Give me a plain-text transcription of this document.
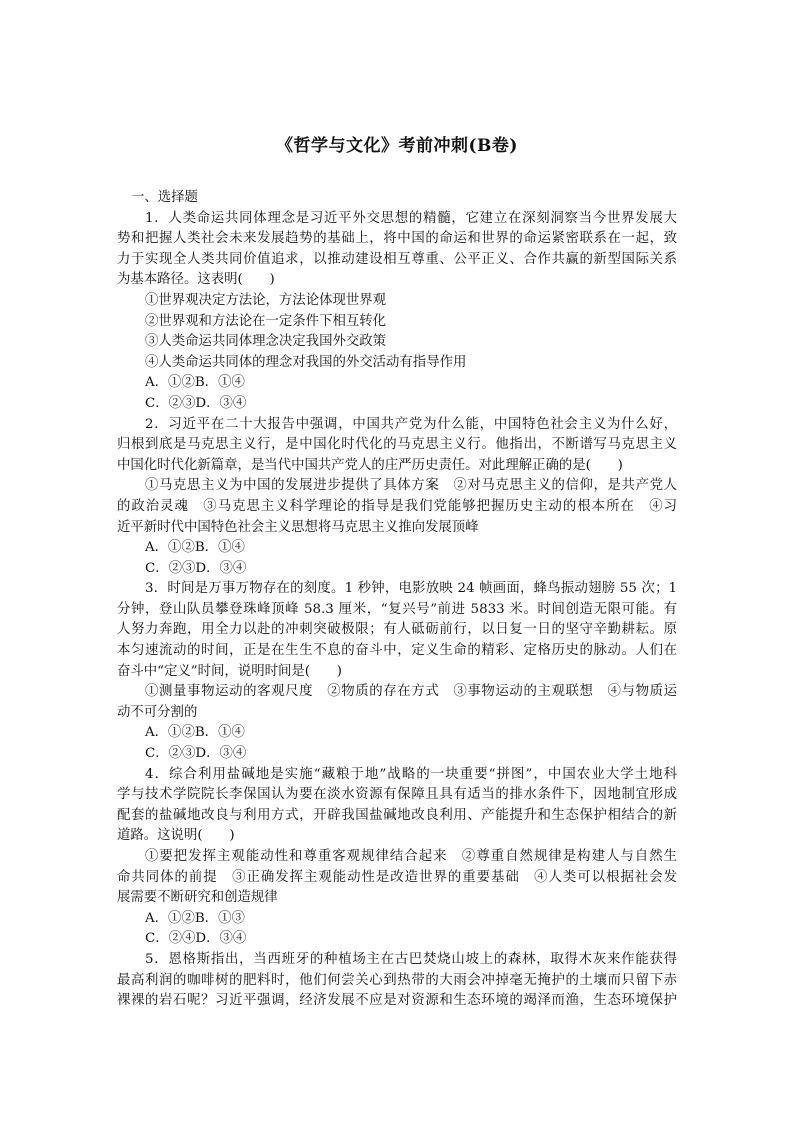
《哲学与文化》考前冲刺(B卷)
一、选择题
1．人类命运共同体理念是习近平外交思想的精髓，它建立在深刻洞察当今世界发展大
势和把握人类社会未来发展趋势的基础上，将中国的命运和世界的命运紧密联系在一起，致
力于实现全人类共同价值追求，以推动建设相互尊重、公平正义、合作共赢的新型国际关系
为基本路径。这表明(　　)
①世界观决定方法论，方法论体现世界观
②世界观和方法论在一定条件下相互转化
③人类命运共同体理念决定我国外交政策
④人类命运共同体的理念对我国的外交活动有指导作用
A．①②B．①④
C．②③D．③④
2．习近平在二十大报告中强调，中国共产党为什么能，中国特色社会主义为什么好，
归根到底是马克思主义行，是中国化时代化的马克思主义行。他指出，不断谱写马克思主义
中国化时代化新篇章，是当代中国共产党人的庄严历史责任。对此理解正确的是(　　)
①马克思主义为中国的发展进步提供了具体方案　②对马克思主义的信仰，是共产党人
的政治灵魂　③马克思主义科学理论的指导是我们党能够把握历史主动的根本所在　④习
近平新时代中国特色社会主义思想将马克思主义推向发展顶峰
A．①②B．①④
C．②③D．③④
3．时间是万事万物存在的刻度。1 秒钟，电影放映 24 帧画面，蜂鸟振动翅膀 55 次；1
分钟，登山队员攀登珠峰顶峰 58.3 厘米，“复兴号”前进 5833 米。时间创造无限可能。有
人努力奔跑，用全力以赴的冲刺突破极限；有人砥砺前行，以日复一日的坚守辛勤耕耘。原
本匀速流动的时间，正是在生生不息的奋斗中，定义生命的精彩、定格历史的脉动。人们在
奋斗中“定义”时间，说明时间是(　　)
①测量事物运动的客观尺度　②物质的存在方式　③事物运动的主观联想　④与物质运
动不可分割的
A．①②B．①④
C．②③D．③④
4．综合利用盐碱地是实施“藏粮于地”战略的一块重要“拼图”，中国农业大学土地科
学与技术学院院长李保国认为要在淡水资源有保障且具有适当的排水条件下，因地制宜形成
配套的盐碱地改良与利用方式，开辟我国盐碱地改良利用、产能提升和生态保护相结合的新
道路。这说明(　　)
①要把发挥主观能动性和尊重客观规律结合起来　②尊重自然规律是构建人与自然生
命共同体的前提　③正确发挥主观能动性是改造世界的重要基础　④人类可以根据社会发
展需要不断研究和创造规律
A．①②B．①③
C．②④D．③④
5．恩格斯指出，当西班牙的种植场主在古巴焚烧山坡上的森林，取得木灰来作能获得
最高利润的咖啡树的肥料时，他们何尝关心到热带的大雨会冲掉毫无掩护的土壤而只留下赤
裸裸的岩石呢？习近平强调，经济发展不应是对资源和生态环境的竭泽而渔，生态环境保护
